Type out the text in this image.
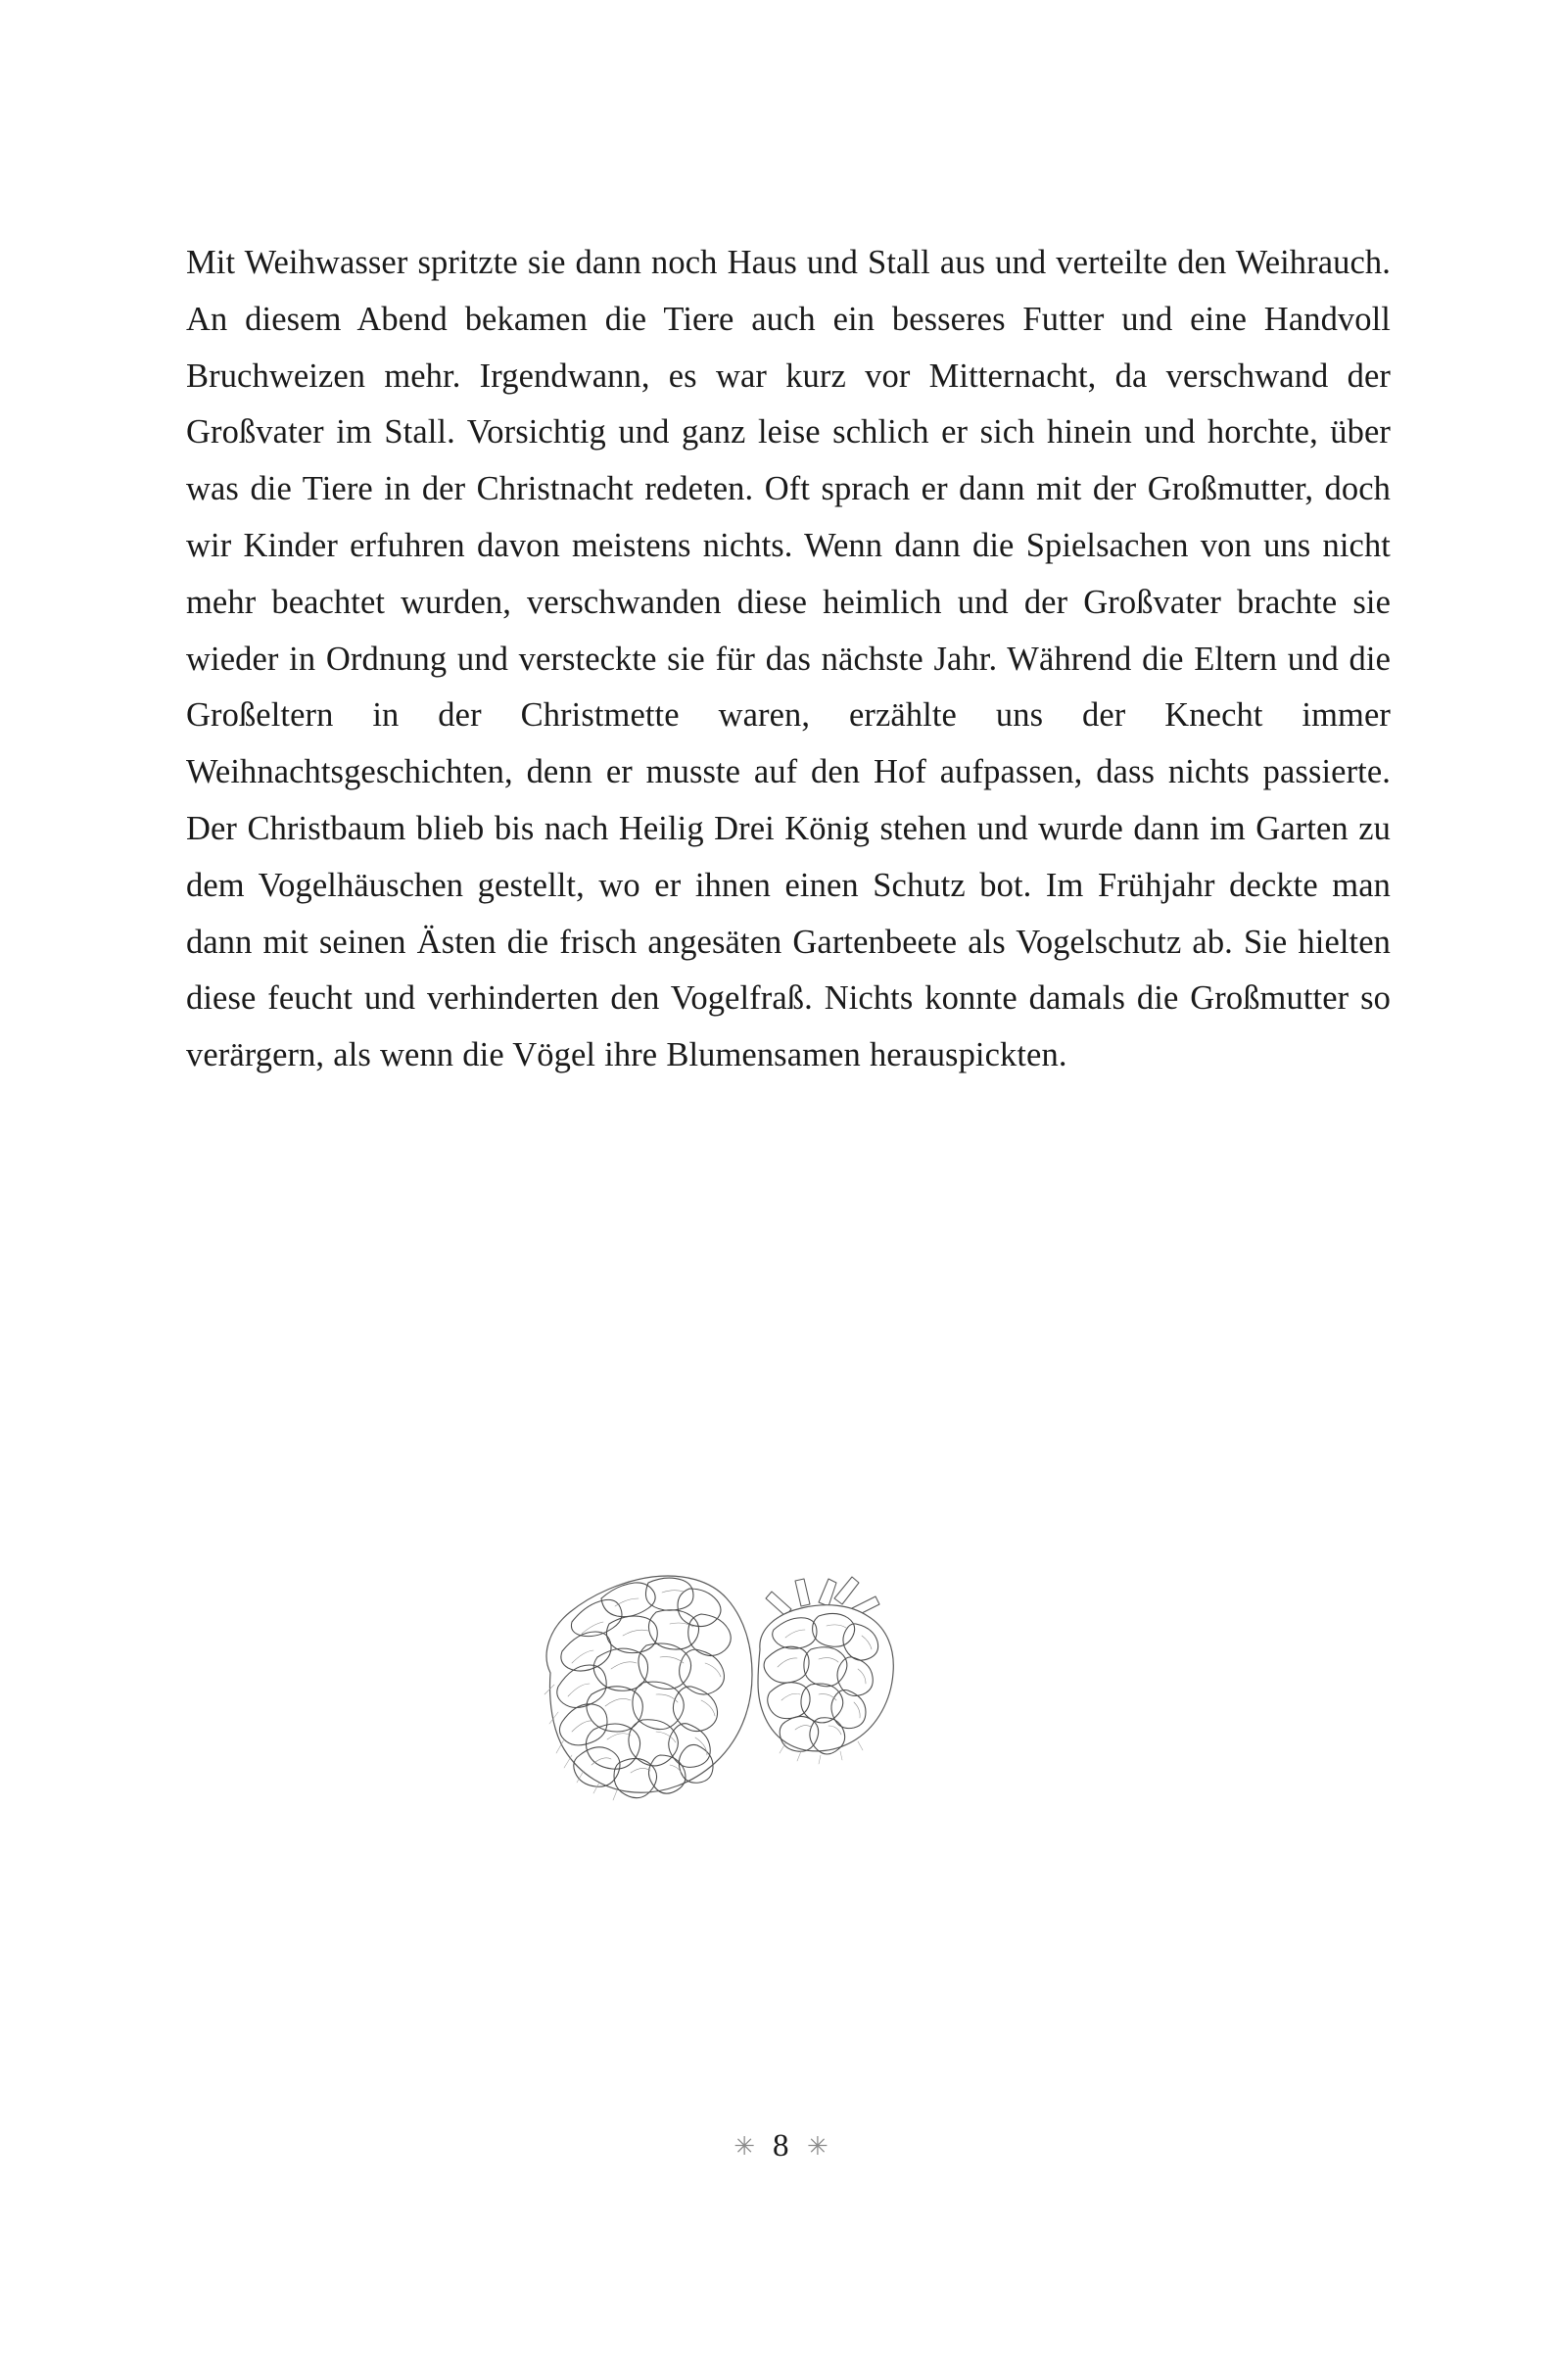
Mit Weihwasser spritzte sie dann noch Haus und Stall aus und verteilte den Weihrauch. An diesem Abend bekamen die Tiere auch ein besseres Futter und eine Handvoll Bruchweizen mehr. Irgendwann, es war kurz vor Mitternacht, da verschwand der Großvater im Stall. Vorsichtig und ganz leise schlich er sich hinein und horchte, über was die Tiere in der Christnacht redeten. Oft sprach er dann mit der Großmutter, doch wir Kinder erfuhren davon meistens nichts. Wenn dann die Spielsachen von uns nicht mehr beachtet wurden, verschwanden diese heimlich und der Großvater brachte sie wieder in Ordnung und versteckte sie für das nächste Jahr. Während die Eltern und die Großeltern in der Christmette waren, erzählte uns der Knecht immer Weihnachtsgeschichten, denn er musste auf den Hof aufpassen, dass nichts passierte. Der Christbaum blieb bis nach Heilig Drei König stehen und wurde dann im Garten zu dem Vogelhäuschen gestellt, wo er ihnen einen Schutz bot. Im Frühjahr deckte man dann mit seinen Ästen die frisch angesäten Gartenbeete als Vogelschutz ab. Sie hielten diese feucht und verhinderten den Vogelfraß. Nichts konnte damals die Großmutter so verärgern, als wenn die Vögel ihre Blumensamen herauspickten.

✳ 8 ✳
